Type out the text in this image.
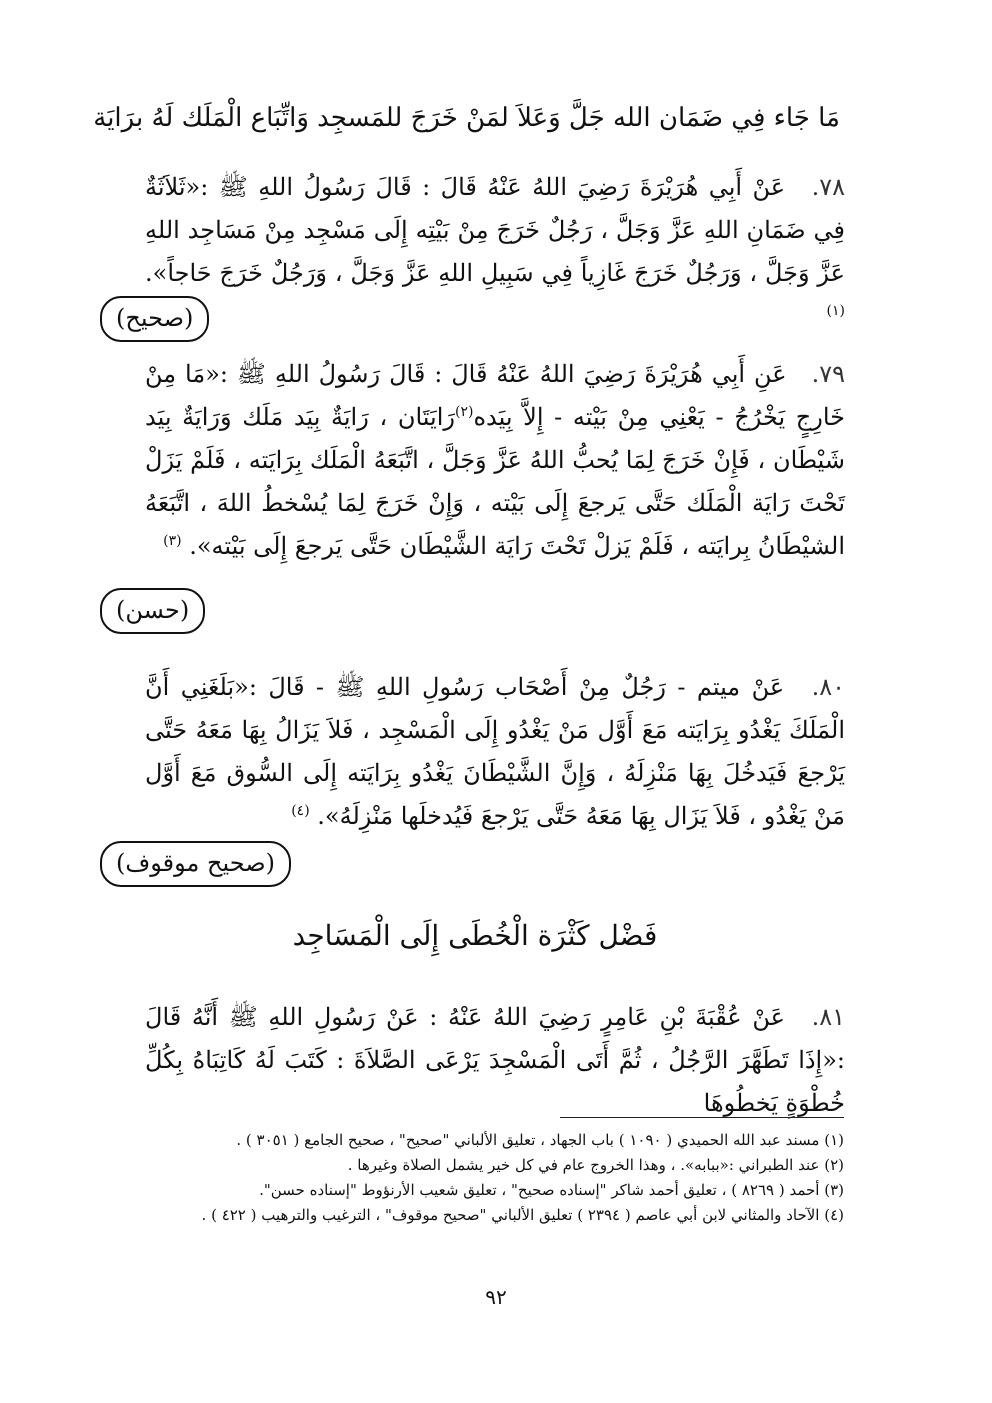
مَا جَاء فِي ضَمَان الله جَلَّ وَعَلاَ لمَنْ خَرَجَ للمَسجِد وَاتِّبَاع الْمَلَك لَهُ برَايَة

٧٨. عَنْ أَبِي هُرَيْرَةَ رَضِيَ اللهُ عَنْهُ قَالَ : قَالَ رَسُولُ اللهِ ﷺ :«ثَلاَثَةٌ فِي ضَمَانِ اللهِ عَزَّ وَجَلَّ ، رَجُلٌ خَرَجَ مِنْ بَيْتِه إِلَى مَسْجِد مِنْ مَسَاجِد اللهِ عَزَّ وَجَلَّ ، وَرَجُلٌ خَرَجَ غَازِياً فِي سَبِيلِ اللهِ عَزَّ وَجَلَّ ، وَرَجُلٌ خَرَجَ حَاجاً». $^{(١)}$

(صحيح)

٧٩. عَنِ أَبِي هُرَيْرَةَ رَضِيَ اللهُ عَنْهُ قَالَ : قَالَ رَسُولُ اللهِ ﷺ :«مَا مِنْ خَارِجٍ يَخْرُجُ - يَعْنِي مِنْ بَيْته - إِلاَّ بِيَده$^{(٢)}$رَايَتَان ، رَايَةٌ بِيَد مَلَك وَرَايَةٌ بِيَد شَيْطَان ، فَإِنْ خَرَجَ لِمَا يُحبُّ اللهُ عَزَّ وَجَلَّ ، اتَّبَعَهُ الْمَلَك بِرَايَته ، فَلَمْ يَزَلْ تَحْتَ رَايَة الْمَلَك حَتَّى يَرجعَ إِلَى بَيْته ، وَإِنْ خَرَجَ لِمَا يُسْخطُ اللهَ ، اتَّبَعَهُ الشيْطَانُ بِرايَته ، فَلَمْ يَزلْ تَحْتَ رَايَة الشَّيْطَان حَتَّى يَرجعَ إِلَى بَيْته». $^{(٣)}$

(حسن)

٨٠. عَنْ ميتم - رَجُلٌ مِنْ أَصْحَاب رَسُولِ اللهِ ﷺ - قَالَ :«بَلَغَنِي أَنَّ الْمَلَكَ يَغْدُو بِرَايَته مَعَ أَوَّل مَنْ يَغْدُو إِلَى الْمَسْجِد ، فَلاَ يَزَالُ بِهَا مَعَهُ حَتَّى يَرْجعَ فَيَدخُلَ بِهَا مَنْزِلَهُ ، وَإِنَّ الشَّيْطَانَ يَغْدُو بِرَايَته إِلَى السُّوق مَعَ أَوَّل مَنْ يَغْدُو ، فَلاَ يَزَال بِهَا مَعَهُ حَتَّى يَرْجعَ فَيُدخلَها مَنْزِلَهُ». $^{(٤)}$

(صحيح موقوف)
فَضْل كَثْرَة الْخُطَى إِلَى الْمَسَاجِد

٨١. عَنْ عُقْبَةَ بْنِ عَامِرٍ رَضِيَ اللهُ عَنْهُ : عَنْ رَسُولِ اللهِ ﷺ أَنَّهُ قَالَ :«إِذَا تَطَهَّرَ الرَّجُلُ ، ثُمَّ أَتَى الْمَسْجِدَ يَرْعَى الصَّلاَةَ : كَتَبَ لَهُ كَاتِبَاهُ بِكُلِّ خُطْوَةٍ يَخطُوهَا

(١) مسند عبد الله الحميدي ( ١٠٩٠ ) باب الجهاد ، تعليق الألباني "صحيح" ، صحيح الجامع ( ٣٠٥١ ) .
(٢) عند الطبراني :«ببابه». ، وهذا الخروج عام في كل خير يشمل الصلاة وغيرها .
(٣) أحمد ( ٨٢٦٩ ) ، تعليق أحمد شاكر "إسناده صحيح" ، تعليق شعيب الأرنؤوط "إسناده حسن".
(٤) الآحاد والمثاني لابن أبي عاصم ( ٢٣٩٤ ) تعليق الألباني "صحيح موقوف" ، الترغيب والترهيب ( ٤٢٢ ) .
٩٢
